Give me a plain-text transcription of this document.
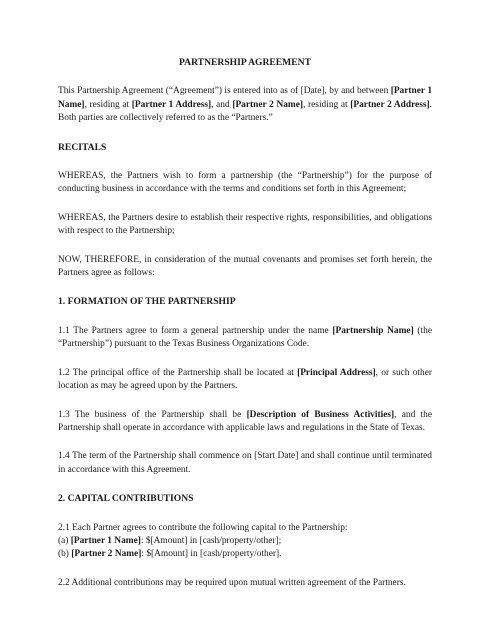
PARTNERSHIP AGREEMENT

This Partnership Agreement (“Agreement”) is entered into as of [Date], by and between [Partner 1 Name], residing at [Partner 1 Address], and [Partner 2 Name], residing at [Partner 2 Address]. Both parties are collectively referred to as the “Partners.”

RECITALS

WHEREAS, the Partners wish to form a partnership (the “Partnership”) for the purpose of conducting business in accordance with the terms and conditions set forth in this Agreement;

WHEREAS, the Partners desire to establish their respective rights, responsibilities, and obligations with respect to the Partnership;

NOW, THEREFORE, in consideration of the mutual covenants and promises set forth herein, the Partners agree as follows:

1. FORMATION OF THE PARTNERSHIP

1.1 The Partners agree to form a general partnership under the name [Partnership Name] (the “Partnership”) pursuant to the Texas Business Organizations Code.

1.2 The principal office of the Partnership shall be located at [Principal Address], or such other location as may be agreed upon by the Partners.

1.3 The business of the Partnership shall be [Description of Business Activities], and the Partnership shall operate in accordance with applicable laws and regulations in the State of Texas.

1.4 The term of the Partnership shall commence on [Start Date] and shall continue until terminated in accordance with this Agreement.

2. CAPITAL CONTRIBUTIONS

2.1 Each Partner agrees to contribute the following capital to the Partnership:
(a) [Partner 1 Name]: $[Amount] in [cash/property/other];
(b) [Partner 2 Name]: $[Amount] in [cash/property/other].

2.2 Additional contributions may be required upon mutual written agreement of the Partners.
